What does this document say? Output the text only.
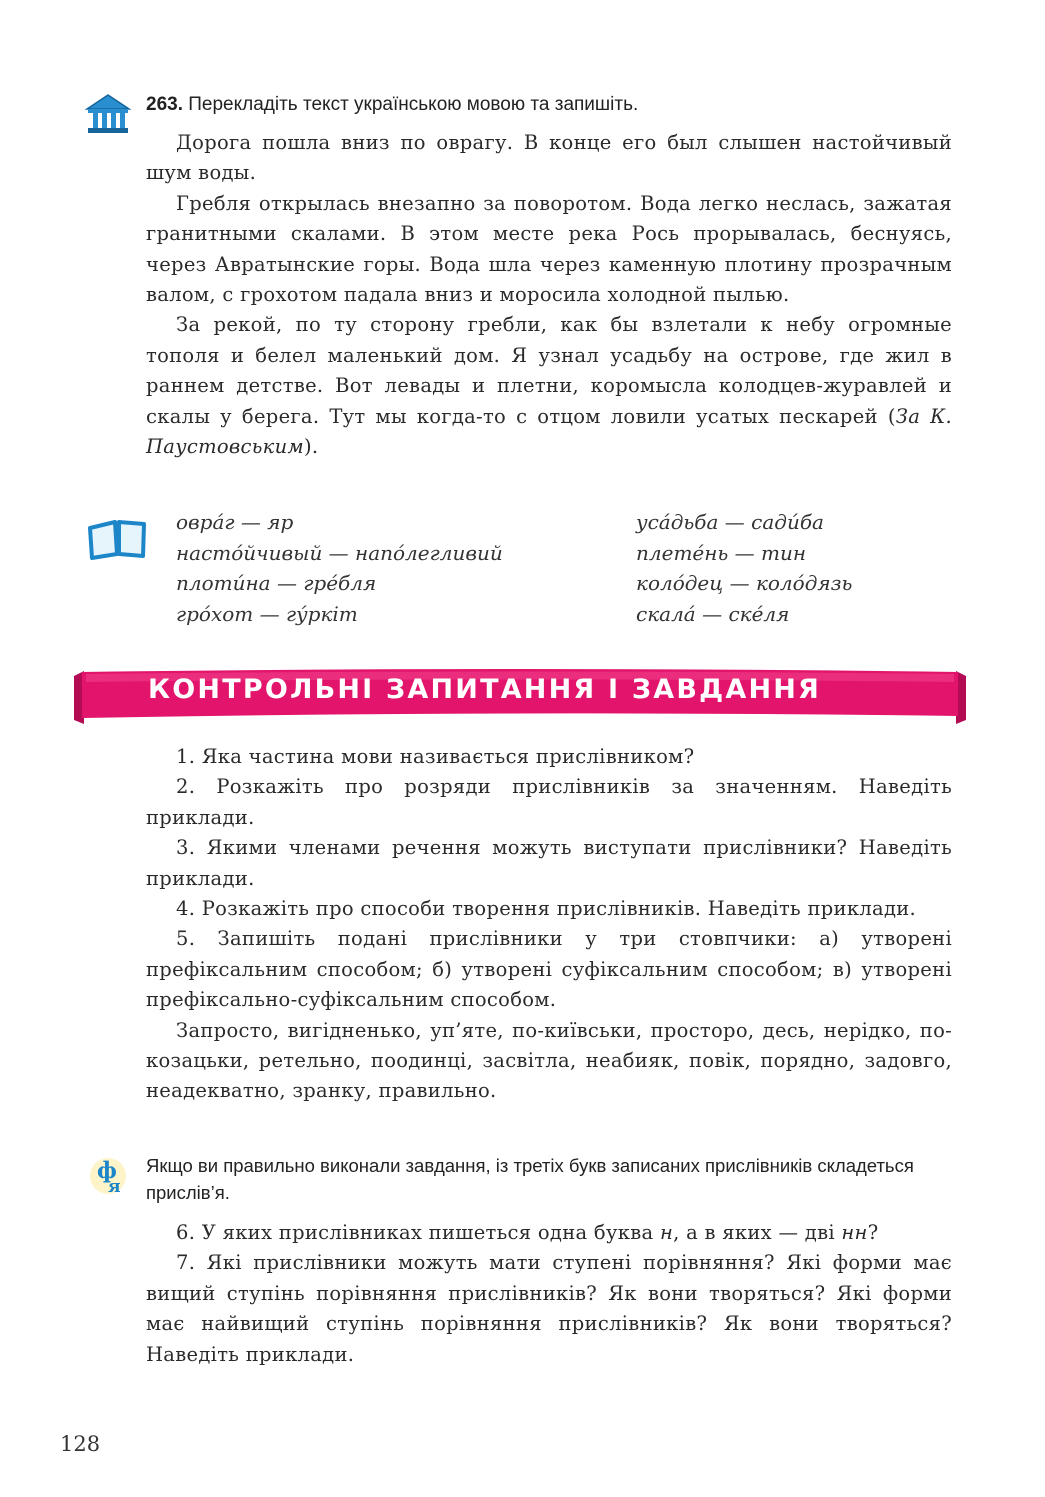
263. Перекладіть текст українською мовою та запишіть.

Дорога пошла вниз по оврагу. В конце его был слышен настойчивый шум воды.

Гребля открылась внезапно за поворотом. Вода легко неслась, зажатая гранитными скалами. В этом месте река Рось прорывалась, беснуясь, через Авратынские горы. Вода шла через каменную плотину прозрачным валом, с грохотом падала вниз и моросила холодной пылью.

За рекой, по ту сторону гребли, как бы взлетали к небу огромные тополя и белел маленький дом. Я узнал усадьбу на острове, где жил в раннем детстве. Вот левады и плетни, коромысла колодцев-журавлей и скалы у берега. Тут мы когда-то с отцом ловили усатых пескарей (За К. Паустовським).

овра́г — яр
насто́йчивый — напо́легливий
плоти́на — гре́бля
гро́хот — гу́ркіт
уса́дьба — сади́ба
плете́нь — тин
коло́дец — коло́дязь
скала́ — ске́ля
КОНТРОЛЬНІ ЗАПИТАННЯ І ЗАВДАННЯ

1. Яка частина мови називається прислівником?

2. Розкажіть про розряди прислівників за значенням. Наведіть приклади.

3. Якими членами речення можуть виступати прислівники? Наведіть приклади.

4. Розкажіть про способи творення прислівників. Наведіть приклади.

5. Запишіть подані прислівники у три стовпчики: а) утворені префіксальним способом; б) утворені суфіксальним способом; в) утворені префіксально-суфіксальним способом.

Запросто, вигідненько, уп’яте, по-київськи, просторо, десь, нерідко, по-козацьки, ретельно, поодинці, засвітла, неабияк, повік, порядно, задовго, неадекватно, зранку, правильно.

ф
я
Якщо ви правильно виконали завдання, із третіх букв записаних прислівників складеться прислів’я.

6. У яких прислівниках пишеться одна буква н, а в яких — дві нн?

7. Які прислівники можуть мати ступені порівняння? Які форми має вищий ступінь порівняння прислівників? Як вони творяться? Які форми має найвищий ступінь порівняння прислівників? Як вони творяться? Наведіть приклади.

128
